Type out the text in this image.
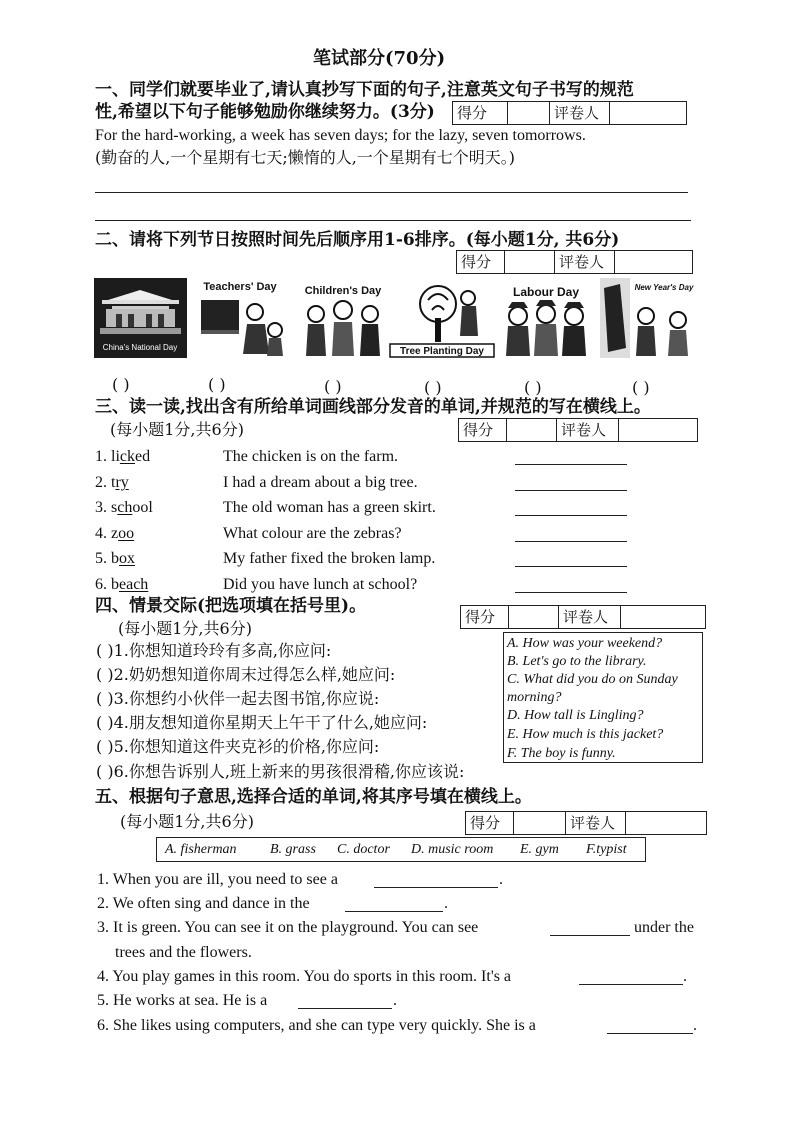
笔试部分(70分)
一、同学们就要毕业了,请认真抄写下面的句子,注意英文句子书写的规范
性,希望以下句子能够勉励你继续努力。(3分) 得分	评卷人
For the hard-working, a week has seven days; for the lazy, seven tomorrows.
(勤奋的人,一个星期有七天;懒惰的人,一个星期有七个明天。)
二、请将下列节日按照时间先后顺序用1-6排序。(每小题1分, 共6分)
得分	评卷人
China's National Day
Teachers' Day	Children's Day
Tree Planting Day
Labour Day	New Year's Day
( )	( )	( )	( )	( )	( )
三、读一读,找出含有所给单词画线部分发音的单词,并规范的写在横线上。
(每小题1分,共6分)	得分	评卷人
1. licked	The chicken is on the farm.
2. try	I had a dream about a big tree.
3. school	The old woman has a green skirt.
4. zoo	What colour are the zebras?
5. box	My father fixed the broken lamp.
6. beach	Did you have lunch at school?
四、情景交际(把选项填在括号里)。
得分	评卷人
(每小题1分,共6分)
( )1.你想知道玲玲有多高,你应问:
( )2.奶奶想知道你周末过得怎么样,她应问:
( )3.你想约小伙伴一起去图书馆,你应说:
( )4.朋友想知道你星期天上午干了什么,她应问:
( )5.你想知道这件夹克衫的价格,你应问:
( )6.你想告诉别人,班上新来的男孩很滑稽,你应该说:
A. How was your weekend?
B. Let's go to the library.
C. What did you do on Sunday
morning?
D. How tall is Lingling?
E. How much is this jacket?
F. The boy is funny.
五、根据句子意思,选择合适的单词,将其序号填在横线上。
(每小题1分,共6分)	得分	评卷人
A. fisherman B. grass C. doctor D. music room E. gym F.typist
1. When you are ill, you need to see a	.
2. We often sing and dance in the	.
3. It is green. You can see it on the playground. You can see	under the
trees and the flowers.
4. You play games in this room. You do sports in this room. It's a	.
5. He works at sea. He is a	.
6. She likes using computers, and she can type very quickly. She is a	.
